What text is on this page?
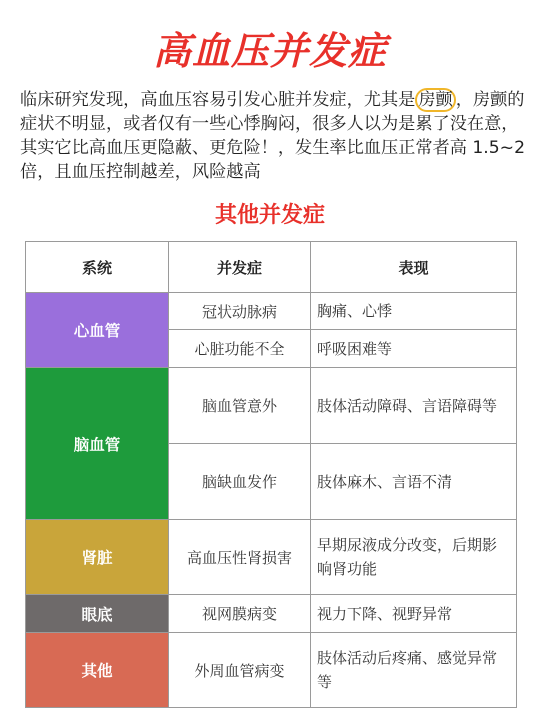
高血压并发症
临床研究发现，高血压容易引发心脏并发症，尤其是 房颤 ，房颤的症状不明显，或者仅有一些心悸胸闷，很多人以为是累了没在意，其实它比高血压更隐蔽、更危险！，发生率比血压正常者高 1.5~2倍，且血压控制越差，风险越高
其他并发症
系统	并发症	表现
心血管	冠状动脉病	胸痛、心悸
	心脏功能不全	呼吸困难等
脑血管	脑血管意外	肢体活动障碍、言语障碍等
	脑缺血发作	肢体麻木、言语不清
肾脏	高血压性肾损害	早期尿液成分改变，后期影响肾功能
眼底	视网膜病变	视力下降、视野异常
其他	外周血管病变	肢体活动后疼痛、感觉异常等
